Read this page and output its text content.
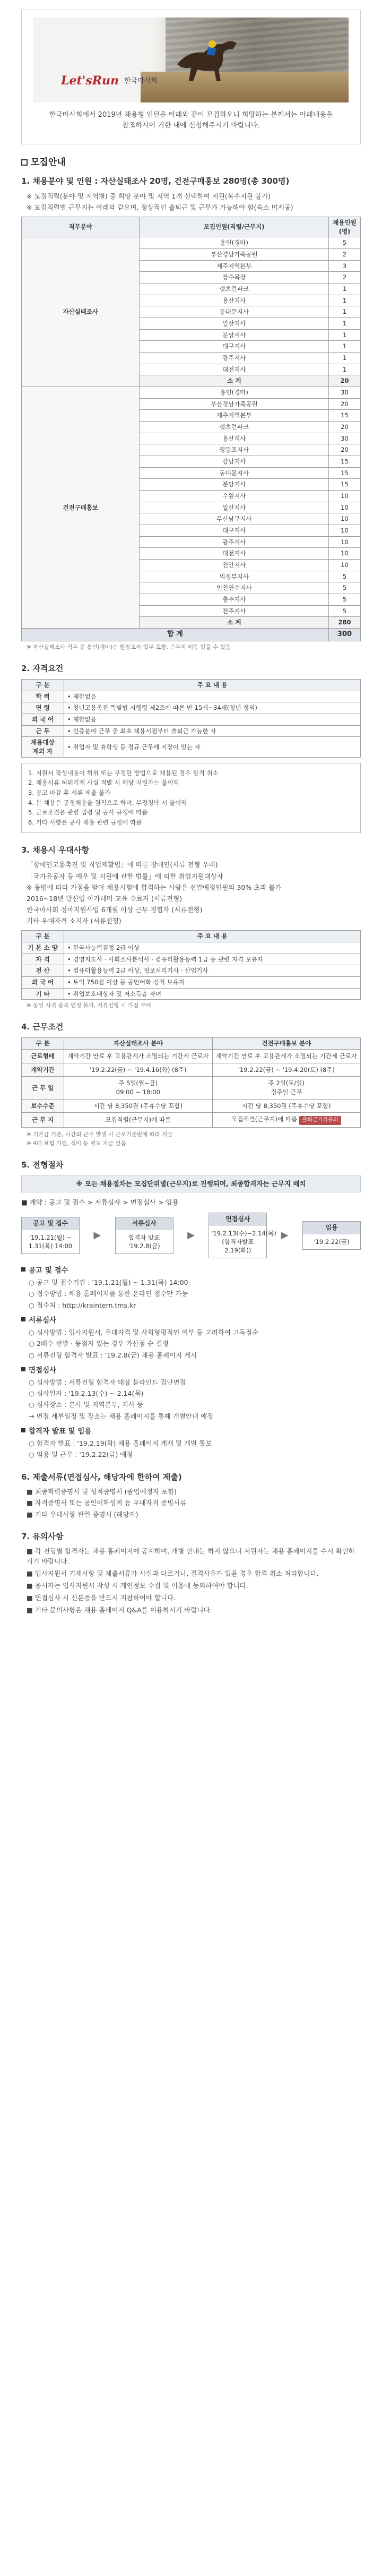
Let'sRun 한국마사회
한국마사회에서 2019년 채용형 인턴을 아래와 같이 모집하오니 희망하는 분께서는 아래내용을
참조하시어 기한 내에 신청해주시기 바랍니다.
모집안내
1. 채용분야 및 인원 : 자산실태조사 20명, 건전구매홍보 280명(총 300명)
※ 모집직렬(분야 및 지역별) 중 희망 분야 및 지역 1개 선택하여 지원(복수지원 불가)
※ 모집직렬별 근무지는 아래와 같으며, 정상적인 출퇴근 및 근무가 가능해야 함(숙소 미제공)
직무분야	모집인원(직렬/근무지)	채용인원(명)
자산실태조사	용인(경마)	5
	부산경남가족공원	2
	제주지역본부	3
	장수목장	2
	렛츠런파크	1
	용산지사	1
	동대문지사	1
	일산지사	1
	분당지사	1
	대구지사	1
	광주지사	1
	대전지사	1
	소 계	20
건전구매홍보	용인(경마)	30
	부산경남가족공원	20
	제주지역본부	15
	렛츠런파크	20
	용산지사	30
	영등포지사	20
	강남지사	15
	동대문지사	15
	분당지사	15
	수원지사	10
	일산지사	10
	부산남구지사	10
	대구지사	10
	광주지사	10
	대전지사	10
	천안지사	10
	의정부지사	5
	인천연수지사	5
	충주지사	5
	전주지사	5
	소 계	280
합 계		300
※ 자산실태조사 직무 중 용인(경마)는 현장조사 업무 포함, 근무지 이동 있을 수 있음
2. 자격요건
구 분	주 요 내 용
학 력	• 제한없음
연 령	• 청년고용촉진 특별법 시행령 제2조에 따른 만 15세~34세(청년 정의)
외 국 어	• 제한없음
근 무	• 인증분야 근무 중 최초 채용시점부터 출퇴근 가능한 자
채용대상
제외 자	• 취업자 및 휴학생 등 정규 근무에 지장이 있는 자

1. 지원서 작성내용이 허위 또는 부정한 방법으로 채용된 경우 합격 취소

2. 채용서류 허위기재 사실 적발 시 해당 지원자는 불이익

3. 공고 마감 후 서류 제출 불가

4. 본 채용은 공정채용을 원칙으로 하며, 부정청탁 시 불이익

5. 근로조건은 관련 법령 및 공사 규정에 따름

6. 기타 사항은 공사 채용 관련 규정에 따름

3. 채용시 우대사항
「장애인고용촉진 및 직업재활법」에 따른 장애인(서류 전형 우대)
「국가유공자 등 예우 및 지원에 관한 법률」에 의한 취업지원대상자
※ 동법에 따라 가점을 받아 채용시험에 합격하는 사람은 선발예정인원의 30% 초과 불가
2016~18년 말산업 아카데미 교육 수료자 (서류전형)
한국마사회 경마지원사업 6개월 이상 근무 경험자 (서류전형)
기타 우대자격 소지자 (서류전형)
구 분	주 요 내 용
기 본 소 양	• 한국사능력검정 2급 이상
자 격	• 경영지도사 · 사회조사분석사 · 컴퓨터활용능력 1급 등 관련 자격 보유자
전 산	• 컴퓨터활용능력 2급 이상, 정보처리기사 · 산업기사
외 국 어	• 토익 750점 이상 등 공인어학 성적 보유자
기 타	• 취업보호대상자 및 저소득층 자녀
※ 동일 자격 중복 인정 불가, 서류전형 시 가점 부여
4. 근무조건
구 분	자산실태조사 분야	건전구매홍보 분야
근로형태	계약기간 만료 후 고용관계가 소멸되는 기간제 근로자	계약기간 만료 후 고용관계가 소멸되는 기간제 근로자
계약기간	'19.2.22(금) ~ '19.4.16(화) (8주)	'19.2.22(금) ~ '19.4.20(토) (8주)
근 무 일	주 5일(월~금)
09:00 ~ 18:00	주 2일(토/일)
경주일 근무
보수수준	시간 당 8,350원 (주휴수당 포함)	시간 당 8,350원 (주휴수당 포함)
근 무 지	모집직렬(근무지)에 따름	모집직렬(근무지)에 따름 출퇴근거리유의
※ 기본급 기준, 시간외 근무 발생 시 근로기준법에 따라 지급
※ 4대 보험 가입, 식비 등 별도 지급 없음
5. 전형절차
※ 모든 채용절차는 모집단위별(근무지)로 진행되며, 최종합격자는 근무지 배치
■ 계약 : 공고 및 접수 > 서류심사 > 면접심사 > 임용
공고 및 접수
'19.1.21(월) ~
1.31(목) 14:00
▶
서류심사
합격자 발표
'19.2.8(금)
▶
면접심사
'19.2.13(수)~2.14(목)
(합격자발표 2.19(화))
▶
임용
'19.2.22(금)
공고 및 접수
○ 공고 및 접수기간 : '19.1.21(월) ~ 1.31(목) 14:00
○ 접수방법 : 채용 홈페이지를 통한 온라인 접수만 가능
○ 접수처 : http://kraintern.tms.kr
서류심사
○ 심사방법 : 입사지원서, 우대자격 및 사회형평적인 여부 등 고려하여 고득점순
○ 2배수 선발 · 동점자 있는 경우 가산점 순 결정
○ 서류전형 합격자 발표 : '19.2.8(금) 채용 홈페이지 게시
면접심사
○ 심사방법 : 서류전형 합격자 대상 블라인드 집단면접
○ 심사일자 : '19.2.13(수) ~ 2.14(목)
○ 심사장소 : 본사 및 지역본부, 지사 등
→ 면접 세부일정 및 장소는 채용 홈페이지를 통해 개별안내 예정
합격자 발표 및 임용
○ 합격자 발표 : '19.2.19(화) 채용 홈페이지 게재 및 개별 통보
○ 임용 및 근무 : '19.2.22(금) 예정
6. 제출서류(면접심사, 해당자에 한하여 제출)
■ 최종학력증명서 및 성적증명서 (졸업예정자 포함)
■ 자격증명서 또는 공인어학성적 등 우대자격 증빙서류
■ 기타 우대사항 관련 증명서 (해당자)
7. 유의사항

■ 각 전형별 합격자는 채용 홈페이지에 공지하며, 개별 안내는 하지 않으니 지원자는 채용 홈페이지를 수시 확인하시기 바랍니다.

■ 입사지원서 기재사항 및 제출서류가 사실과 다르거나, 결격사유가 있을 경우 합격 취소 처리합니다.

■ 응시자는 입사지원서 작성 시 개인정보 수집 및 이용에 동의하여야 합니다.

■ 면접심사 시 신분증을 반드시 지참하여야 합니다.

■ 기타 문의사항은 채용 홈페이지 Q&A를 이용하시기 바랍니다.
